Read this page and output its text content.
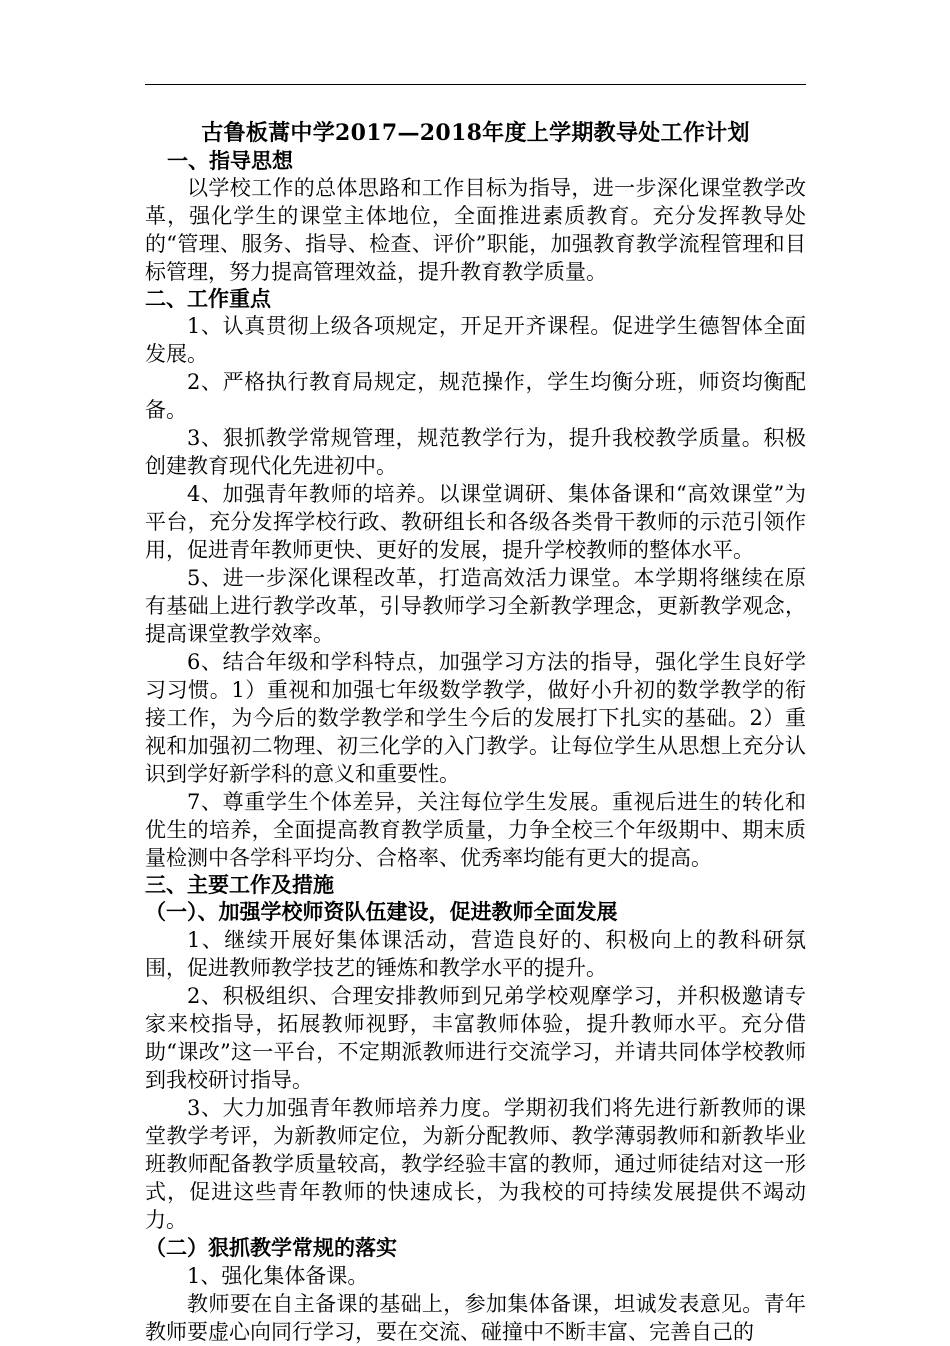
古鲁板蒿中学2017—2018年度上学期教导处工作计划
一、指导思想
以学校工作的总体思路和工作目标为指导，进一步深化课堂教学改革，强化学生的课堂主体地位，全面推进素质教育。充分发挥教导处的“管理、服务、指导、检查、评价”职能，加强教育教学流程管理和目标管理，努力提高管理效益，提升教育教学质量。
二、工作重点
1、认真贯彻上级各项规定，开足开齐课程。促进学生德智体全面发展。
2、严格执行教育局规定，规范操作，学生均衡分班，师资均衡配备。
3、狠抓教学常规管理，规范教学行为，提升我校教学质量。积极创建教育现代化先进初中。
4、加强青年教师的培养。以课堂调研、集体备课和“高效课堂”为平台，充分发挥学校行政、教研组长和各级各类骨干教师的示范引领作用，促进青年教师更快、更好的发展，提升学校教师的整体水平。
5、进一步深化课程改革，打造高效活力课堂。本学期将继续在原有基础上进行教学改革，引导教师学习全新教学理念，更新教学观念，提高课堂教学效率。
6、结合年级和学科特点，加强学习方法的指导，强化学生良好学习习惯。1）重视和加强七年级数学教学，做好小升初的数学教学的衔接工作，为今后的数学教学和学生今后的发展打下扎实的基础。2）重视和加强初二物理、初三化学的入门教学。让每位学生从思想上充分认识到学好新学科的意义和重要性。
7、尊重学生个体差异，关注每位学生发展。重视后进生的转化和优生的培养，全面提高教育教学质量，力争全校三个年级期中、期末质量检测中各学科平均分、合格率、优秀率均能有更大的提高。
三、主要工作及措施
（一）、加强学校师资队伍建设，促进教师全面发展
1、继续开展好集体课活动，营造良好的、积极向上的教科研氛围，促进教师教学技艺的锤炼和教学水平的提升。
2、积极组织、合理安排教师到兄弟学校观摩学习，并积极邀请专家来校指导，拓展教师视野，丰富教师体验，提升教师水平。充分借助“课改”这一平台，不定期派教师进行交流学习，并请共同体学校教师到我校研讨指导。
3、大力加强青年教师培养力度。学期初我们将先进行新教师的课堂教学考评，为新教师定位，为新分配教师、教学薄弱教师和新教毕业班教师配备教学质量较高，教学经验丰富的教师，通过师徒结对这一形式，促进这些青年教师的快速成长，为我校的可持续发展提供不竭动力。
（二）狠抓教学常规的落实
1、强化集体备课。
教师要在自主备课的基础上，参加集体备课，坦诚发表意见。青年教师要虚心向同行学习，要在交流、碰撞中不断丰富、完善自己的
